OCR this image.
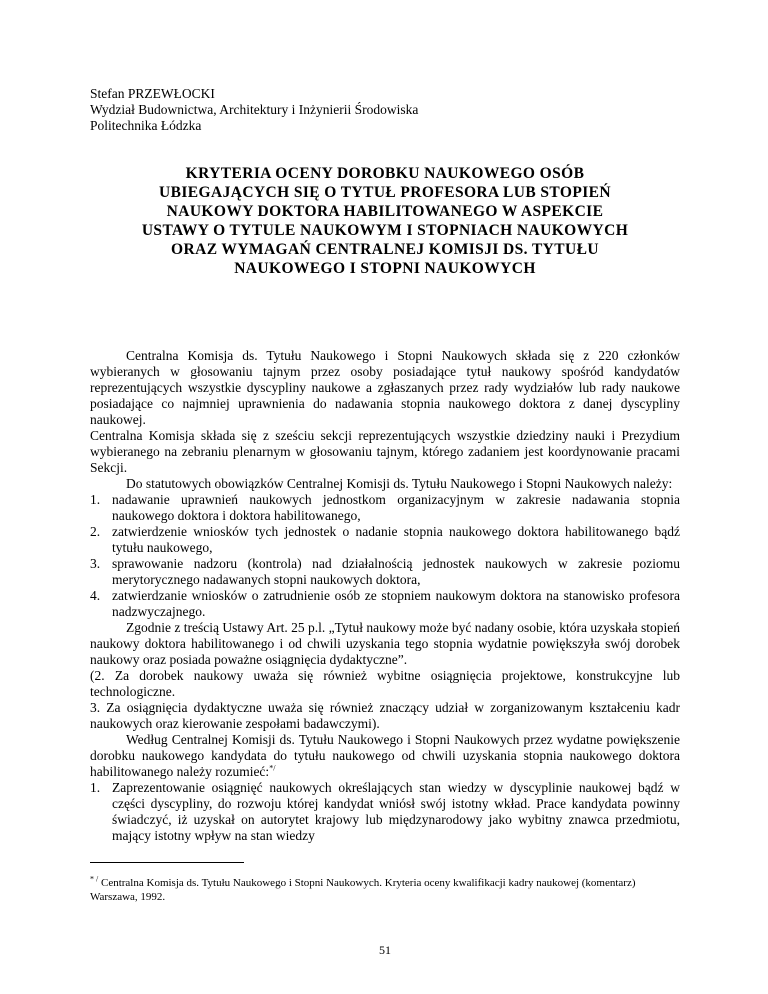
Stefan PRZEWŁOCKI
Wydział Budownictwa, Architektury i Inżynierii Środowiska
Politechnika Łódzka
KRYTERIA OCENY DOROBKU NAUKOWEGO OSÓB
UBIEGAJĄCYCH SIĘ O TYTUŁ PROFESORA LUB STOPIEŃ
NAUKOWY DOKTORA HABILITOWANEGO W ASPEKCIE
USTAWY O TYTULE NAUKOWYM I STOPNIACH NAUKOWYCH
ORAZ WYMAGAŃ CENTRALNEJ KOMISJI DS. TYTUŁU
NAUKOWEGO I STOPNI NAUKOWYCH

Centralna Komisja ds. Tytułu Naukowego i Stopni Naukowych składa się z 220 członków wybieranych w głosowaniu tajnym przez osoby posiadające tytuł naukowy spośród kandydatów reprezentujących wszystkie dyscypliny naukowe a zgłaszanych przez rady wydziałów lub rady naukowe posiadające co najmniej uprawnienia do nadawania stopnia naukowego doktora z danej dyscypliny naukowej.

Centralna Komisja składa się z sześciu sekcji reprezentujących wszystkie dziedziny nauki i Prezydium wybieranego na zebraniu plenarnym w głosowaniu tajnym, którego zadaniem jest koordynowanie pracami Sekcji.

Do statutowych obowiązków Centralnej Komisji ds. Tytułu Naukowego i Stopni Naukowych należy:

1. nadawanie uprawnień naukowych jednostkom organizacyjnym w zakresie nadawania stopnia naukowego doktora i doktora habilitowanego,
2. zatwierdzenie wniosków tych jednostek o nadanie stopnia naukowego doktora habilitowanego bądź tytułu naukowego,
3. sprawowanie nadzoru (kontrola) nad działalnością jednostek naukowych w zakresie poziomu merytorycznego nadawanych stopni naukowych doktora,
4. zatwierdzanie wniosków o zatrudnienie osób ze stopniem naukowym doktora na stanowisko profesora nadzwyczajnego.

Zgodnie z treścią Ustawy Art. 25 p.l. „Tytuł naukowy może być nadany osobie, która uzyskała stopień naukowy doktora habilitowanego i od chwili uzyskania tego stopnia wydatnie powiększyła swój dorobek naukowy oraz posiada poważne osiągnięcia dydaktyczne”.

(2. Za dorobek naukowy uważa się również wybitne osiągnięcia projektowe, konstrukcyjne lub technologiczne.

3. Za osiągnięcia dydaktyczne uważa się również znaczący udział w zorganizowanym kształceniu kadr naukowych oraz kierowanie zespołami badawczymi).

Według Centralnej Komisji ds. Tytułu Naukowego i Stopni Naukowych przez wydatne powiększenie dorobku naukowego kandydata do tytułu naukowego od chwili uzyskania stopnia naukowego doktora habilitowanego należy rozumieć:*/

1. Zaprezentowanie osiągnięć naukowych określających stan wiedzy w dyscyplinie naukowej bądź w części dyscypliny, do rozwoju której kandydat wniósł swój istotny wkład. Prace kandydata powinny świadczyć, iż uzyskał on autorytet krajowy lub międzynarodowy jako wybitny znawca przedmiotu, mający istotny wpływ na stan wiedzy
* / Centralna Komisja ds. Tytułu Naukowego i Stopni Naukowych. Kryteria oceny kwalifikacji kadry naukowej (komentarz) Warszawa, 1992.
51
